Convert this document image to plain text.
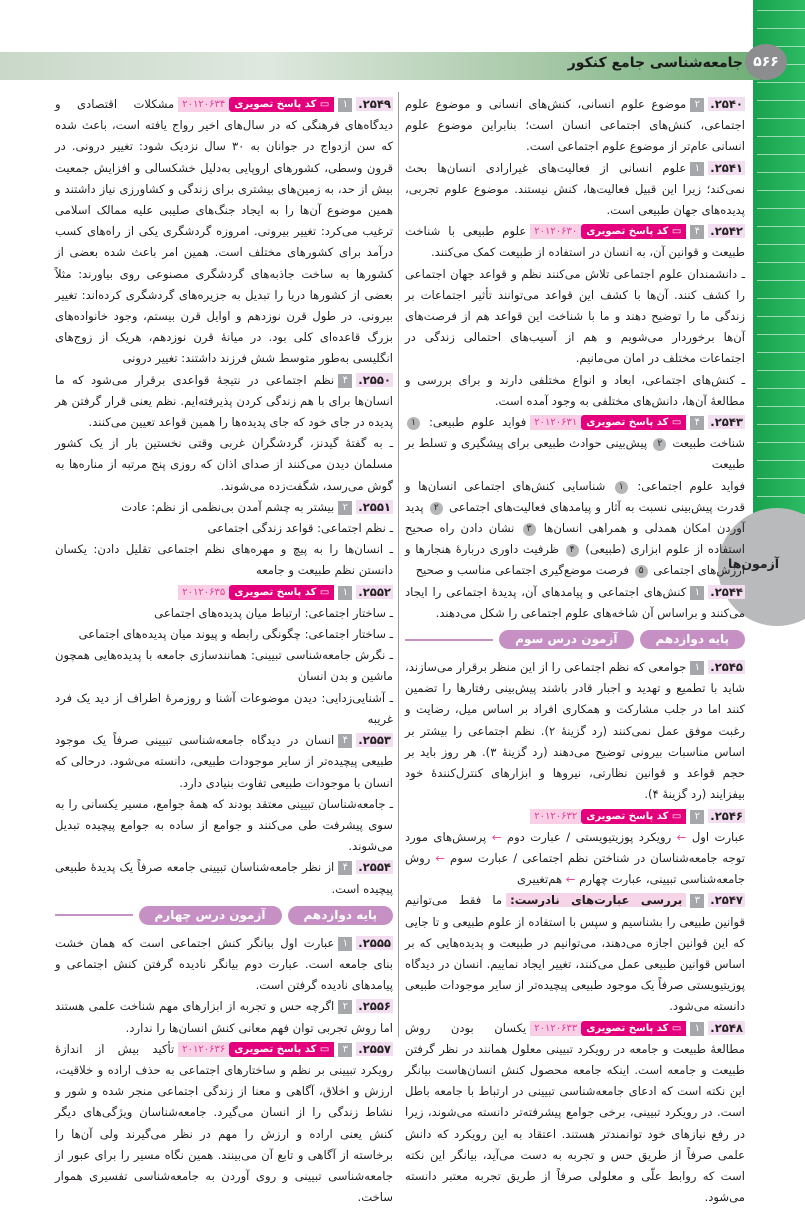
آزمون‌ها
جامعه‌شناسی جامع کنکور ۵۶۶

۲۵۴۰.۲موضوع علوم انسانی، کنش‌های انسانی و موضوع علوم اجتماعی، کنش‌های اجتماعی انسان است؛ بنابراین موضوع علوم انسانی عام‌تر از موضوع علوم اجتماعی است.

۲۵۴۱.۱علوم انسانی از فعالیت‌های غیرارادی انسان‌ها بحث نمی‌کند؛ زیرا این قبیل فعالیت‌ها، کنش نیستند. موضوع علوم تجربی، پدیده‌های جهان طبیعی است.

۲۵۴۲.۴▭ کد پاسخ تصویری۲۰۱۲۰۶۳۰علوم طبیعی با شناخت طبیعت و قوانین آن، به انسان در استفاده از طبیعت کمک می‌کنند.

ـ دانشمندان علوم اجتماعی تلاش می‌کنند نظم و قواعد جهان اجتماعی را کشف کنند. آن‌ها با کشف این قواعد می‌توانند تأثیر اجتماعات بر زندگی ما را توضیح دهند و ما با شناخت این قواعد هم از فرصت‌های آن‌ها برخوردار می‌شویم و هم از آسیب‌های احتمالی زندگی در اجتماعات مختلف در امان می‌مانیم.

ـ کنش‌های اجتماعی، ابعاد و انواع مختلفی دارند و برای بررسی و مطالعهٔ آن‌ها، دانش‌های مختلفی به وجود آمده است.

۲۵۴۳.۴▭ کد پاسخ تصویری۲۰۱۲۰۶۳۱فواید علوم طبیعی: ۱ شناخت طبیعت ۲ پیش‌بینی حوادث طبیعی برای پیشگیری و تسلط بر طبیعت

فواید علوم اجتماعی: ۱ شناسایی کنش‌های اجتماعی انسان‌ها و قدرت پیش‌بینی نسبت به آثار و پیامدهای فعالیت‌های اجتماعی ۲ پدید آوردن امکان همدلی و همراهی انسان‌ها ۳ نشان دادن راه صحیح استفاده از علوم ابزاری (طبیعی) ۴ ظرفیت داوری دربارهٔ هنجارها و ارزش‌های اجتماعی ۵ فرصت موضع‌گیری اجتماعی مناسب و صحیح

۲۵۴۴.۱کنش‌های اجتماعی و پیامدهای آن، پدیدهٔ اجتماعی را ایجاد می‌کنند و براساس آن شاخه‌های علوم اجتماعی را شکل می‌دهند.

پایه دوازدهم
آزمون درس سوم

۲۵۴۵.۱جوامعی که نظم اجتماعی را از این منظر برقرار می‌سازند، شاید با تطمیع و تهدید و اجبار قادر باشند پیش‌بینی رفتارها را تضمین کنند اما در جلب مشارکت و همکاری افراد بر اساس میل، رضایت و رغبت موفق عمل نمی‌کنند (رد گزینهٔ ۲). نظم اجتماعی را بیشتر بر اساس مناسبات بیرونی توضیح می‌دهند (رد گزینهٔ ۳). هر روز باید بر حجم قواعد و قوانین نظارتی، نیروها و ابزارهای کنترل‌کنندهٔ خود بیفزایند (رد گزینهٔ ۴).

۲۵۴۶.۲▭ کد پاسخ تصویری۲۰۱۲۰۶۳۲

عبارت اول ← رویکرد پوزیتیویستی / عبارت دوم ← پرسش‌های مورد توجه جامعه‌شناسان در شناختن نظم اجتماعی / عبارت سوم ← روش جامعه‌شناسی تبیینی، عبارت چهارم ← هم‌تغییری

۲۵۴۷.۳بررسی عبارت‌های نادرست:ما فقط می‌توانیم قوانین طبیعی را بشناسیم و سپس با استفاده از علوم طبیعی و تا جایی که این قوانین اجازه می‌دهند، می‌توانیم در طبیعت و پدیده‌هایی که بر اساس قوانین طبیعی عمل می‌کنند، تغییر ایجاد نماییم. انسان در دیدگاه پوزیتیویستی صرفاً یک موجود طبیعی پیچیده‌تر از سایر موجودات طبیعی دانسته می‌شود.

۲۵۴۸.۱▭ کد پاسخ تصویری۲۰۱۲۰۶۳۳یکسان بودن روش مطالعهٔ طبیعت و جامعه در رویکرد تبیینی معلول همانند در نظر گرفتن طبیعت و جامعه است. اینکه جامعه محصول کنش انسان‌هاست بیانگر این نکته است که ادعای جامعه‌شناسی تبیینی در ارتباط با جامعه باطل است. در رویکرد تبیینی، برخی جوامع پیشرفته‌تر دانسته می‌شوند، زیرا در رفع نیازهای خود توانمندتر هستند. اعتقاد به این رویکرد که دانش علمی صرفاً از طریق حس و تجربه به دست می‌آید، بیانگر این نکته است که روابط علّی و معلولی صرفاً از طریق تجربه معتبر دانسته می‌شود.

۲۵۴۹.۱▭ کد پاسخ تصویری۲۰۱۲۰۶۳۴مشکلات اقتصادی و دیدگاه‌های فرهنگی که در سال‌های اخیر رواج یافته است، باعث شده که سن ازدواج در جوانان به ۳۰ سال نزدیک شود: تغییر درونی. در قرون وسطی، کشورهای اروپایی به‌دلیل خشکسالی و افزایش جمعیت بیش از حد، به زمین‌های بیشتری برای زندگی و کشاورزی نیاز داشتند و همین موضوع آن‌ها را به ایجاد جنگ‌های صلیبی علیه ممالک اسلامی ترغیب می‌کرد: تغییر بیرونی. امروزه گردشگری یکی از راه‌های کسب درآمد برای کشورهای مختلف است. همین امر باعث شده بعضی از کشورها به ساخت جاذبه‌های گردشگری مصنوعی روی بیاورند: مثلاً بعضی از کشورها دریا را تبدیل به جزیره‌های گردشگری کرده‌اند: تغییر بیرونی. در طول قرن نوزدهم و اوایل قرن بیستم، وجود خانواده‌های بزرگ قاعده‌ای کلی بود. در میانهٔ قرن نوزدهم، هریک از زوج‌های انگلیسی به‌طور متوسط شش فرزند داشتند: تغییر درونی

۲۵۵۰.۴نظم اجتماعی در نتیجهٔ قواعدی برقرار می‌شود که ما انسان‌ها برای با هم زندگی کردن پذیرفته‌ایم. نظم یعنی قرار گرفتن هر پدیده در جای خود که جای پدیده‌ها را همین قواعد تعیین می‌کنند.

ـ به گفتهٔ گیدنز، گردشگران غربی وقتی نخستین بار از یک کشور مسلمان دیدن می‌کنند از صدای اذان که روزی پنج مرتبه از مناره‌ها به گوش می‌رسد، شگفت‌زده می‌شوند.

۲۵۵۱.۲بیشتر به چشم آمدن بی‌نظمی از نظم: عادت

ـ نظم اجتماعی: قواعد زندگی اجتماعی

ـ انسان‌ها را به پیچ و مهره‌های نظم اجتماعی تقلیل دادن: یکسان دانستن نظم طبیعت و جامعه

۲۵۵۲.۱▭ کد پاسخ تصویری۲۰۱۲۰۶۳۵

ـ ساختار اجتماعی: ارتباط میان پدیده‌های اجتماعی

ـ ساختار اجتماعی: چگونگی رابطه و پیوند میان پدیده‌های اجتماعی

ـ نگرش جامعه‌شناسی تبیینی: همانندسازی جامعه با پدیده‌هایی همچون ماشین و بدن انسان

ـ آشنایی‌زدایی: دیدن موضوعات آشنا و روزمرهٔ اطراف از دید یک فرد غریبه

۲۵۵۳.۴انسان در دیدگاه جامعه‌شناسی تبیینی صرفاً یک موجود طبیعی پیچیده‌تر از سایر موجودات طبیعی، دانسته می‌شود. درحالی که انسان با موجودات طبیعی تفاوت بنیادی دارد.

ـ جامعه‌شناسان تبیینی معتقد بودند که همهٔ جوامع، مسیر یکسانی را به سوی پیشرفت طی می‌کنند و جوامع از ساده به جوامع پیچیده تبدیل می‌شوند.

۲۵۵۴.۴از نظر جامعه‌شناسان تبیینی جامعه صرفاً یک پدیدهٔ طبیعی پیچیده است.

پایه دوازدهم
آزمون درس چهارم

۲۵۵۵.۱عبارت اول بیانگر کنش اجتماعی است که همان خشت بنای جامعه است. عبارت دوم بیانگر نادیده گرفتن کنش اجتماعی و پیامدهای نادیده گرفتن است.

۲۵۵۶.۲اگرچه حس و تجربه از ابزارهای مهم شناخت علمی هستند اما روش تجربی توان فهم معانی کنش انسان‌ها را ندارد.

۲۵۵۷.۳▭ کد پاسخ تصویری۲۰۱۲۰۶۳۶تأکید بیش از اندازهٔ رویکرد تبیینی بر نظم و ساختارهای اجتماعی به حذف اراده و خلاقیت، ارزش و اخلاق، آگاهی و معنا از زندگی اجتماعی منجر شده و شور و نشاط زندگی را از انسان می‌گیرد. جامعه‌شناسان ویژگی‌های دیگر کنش یعنی اراده و ارزش را مهم در نظر می‌گیرند ولی آن‌ها را برخاسته از آگاهی و تابع آن می‌بینند. همین نگاه مسیر را برای عبور از جامعه‌شناسی تبیینی و روی آوردن به جامعه‌شناسی تفسیری هموار ساخت.
